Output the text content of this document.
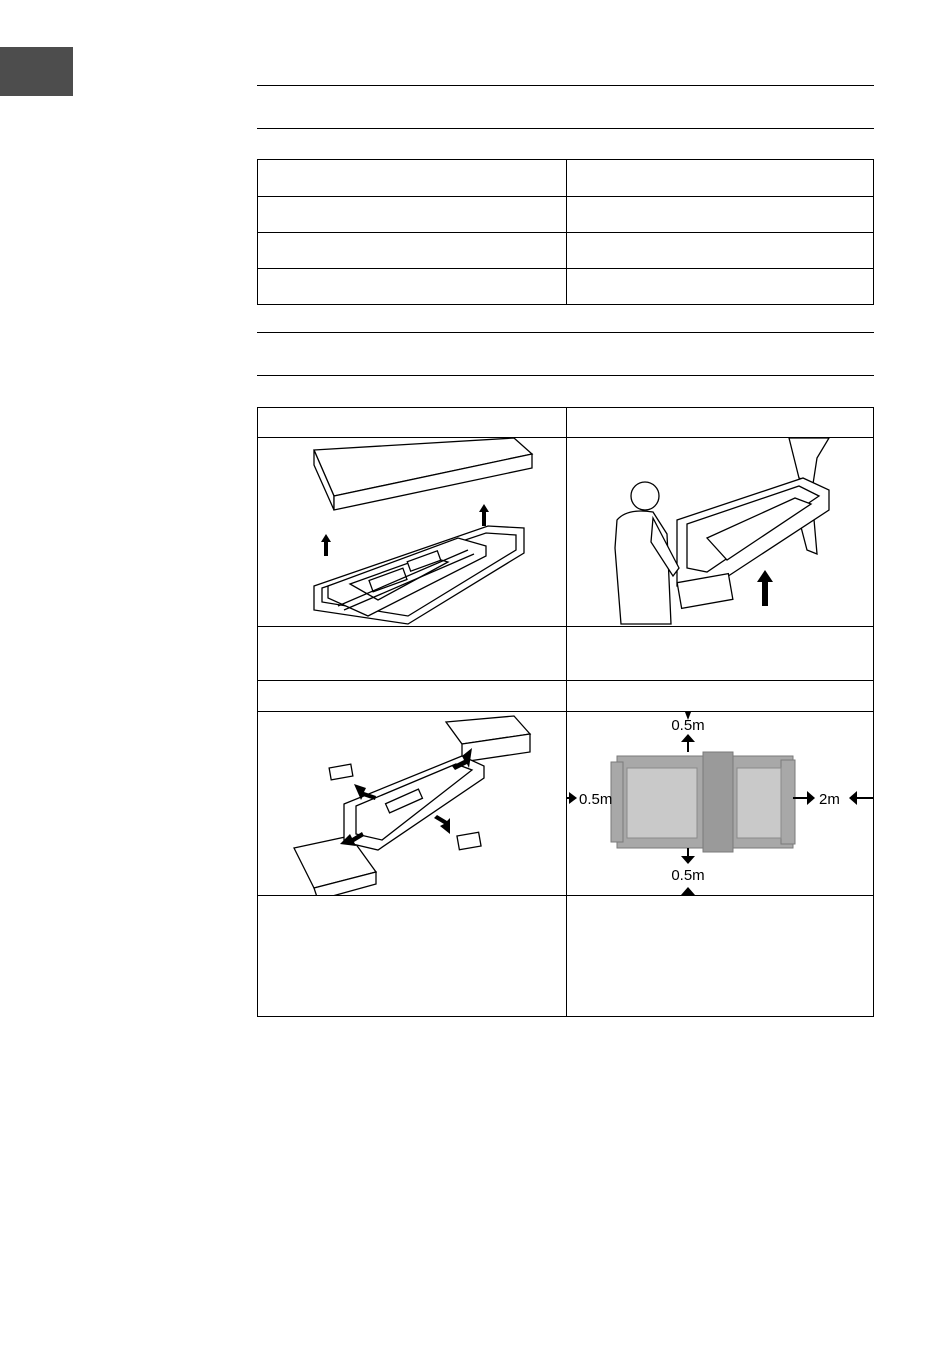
0.5m
0.5m
0.5m	2m
